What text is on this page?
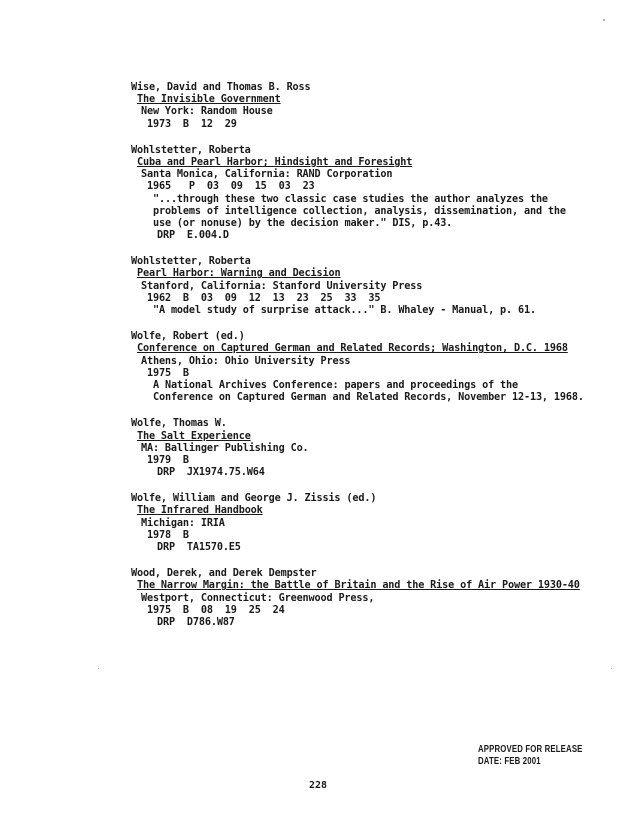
Wise, David and Thomas B. Ross
The Invisible Government
New York: Random House
1973  B  12  29
Wohlstetter, Roberta
Cuba and Pearl Harbor; Hindsight and Foresight
Santa Monica, California: RAND Corporation
1965   P  03  09  15  03  23
"...through these two classic case studies the author analyzes the
problems of intelligence collection, analysis, dissemination, and the
use (or nonuse) by the decision maker." DIS, p.43.
DRP  E.004.D
Wohlstetter, Roberta
Pearl Harbor: Warning and Decision
Stanford, California: Stanford University Press
1962  B  03  09  12  13  23  25  33  35
"A model study of surprise attack..." B. Whaley - Manual, p. 61.
Wolfe, Robert (ed.)
Conference on Captured German and Related Records; Washington, D.C. 1968
Athens, Ohio: Ohio University Press
1975  B
A National Archives Conference: papers and proceedings of the
Conference on Captured German and Related Records, November 12-13, 1968.
Wolfe, Thomas W.
The Salt Experience
MA: Ballinger Publishing Co.
1979  B
DRP  JX1974.75.W64
Wolfe, William and George J. Zissis (ed.)
The Infrared Handbook
Michigan: IRIA
1978  B
DRP  TA1570.E5
Wood, Derek, and Derek Dempster
The Narrow Margin: the Battle of Britain and the Rise of Air Power 1930-40
Westport, Connecticut: Greenwood Press,
1975  B  08  19  25  24
DRP  D786.W87
APPROVED FOR RELEASE
DATE: FEB 2001
228
